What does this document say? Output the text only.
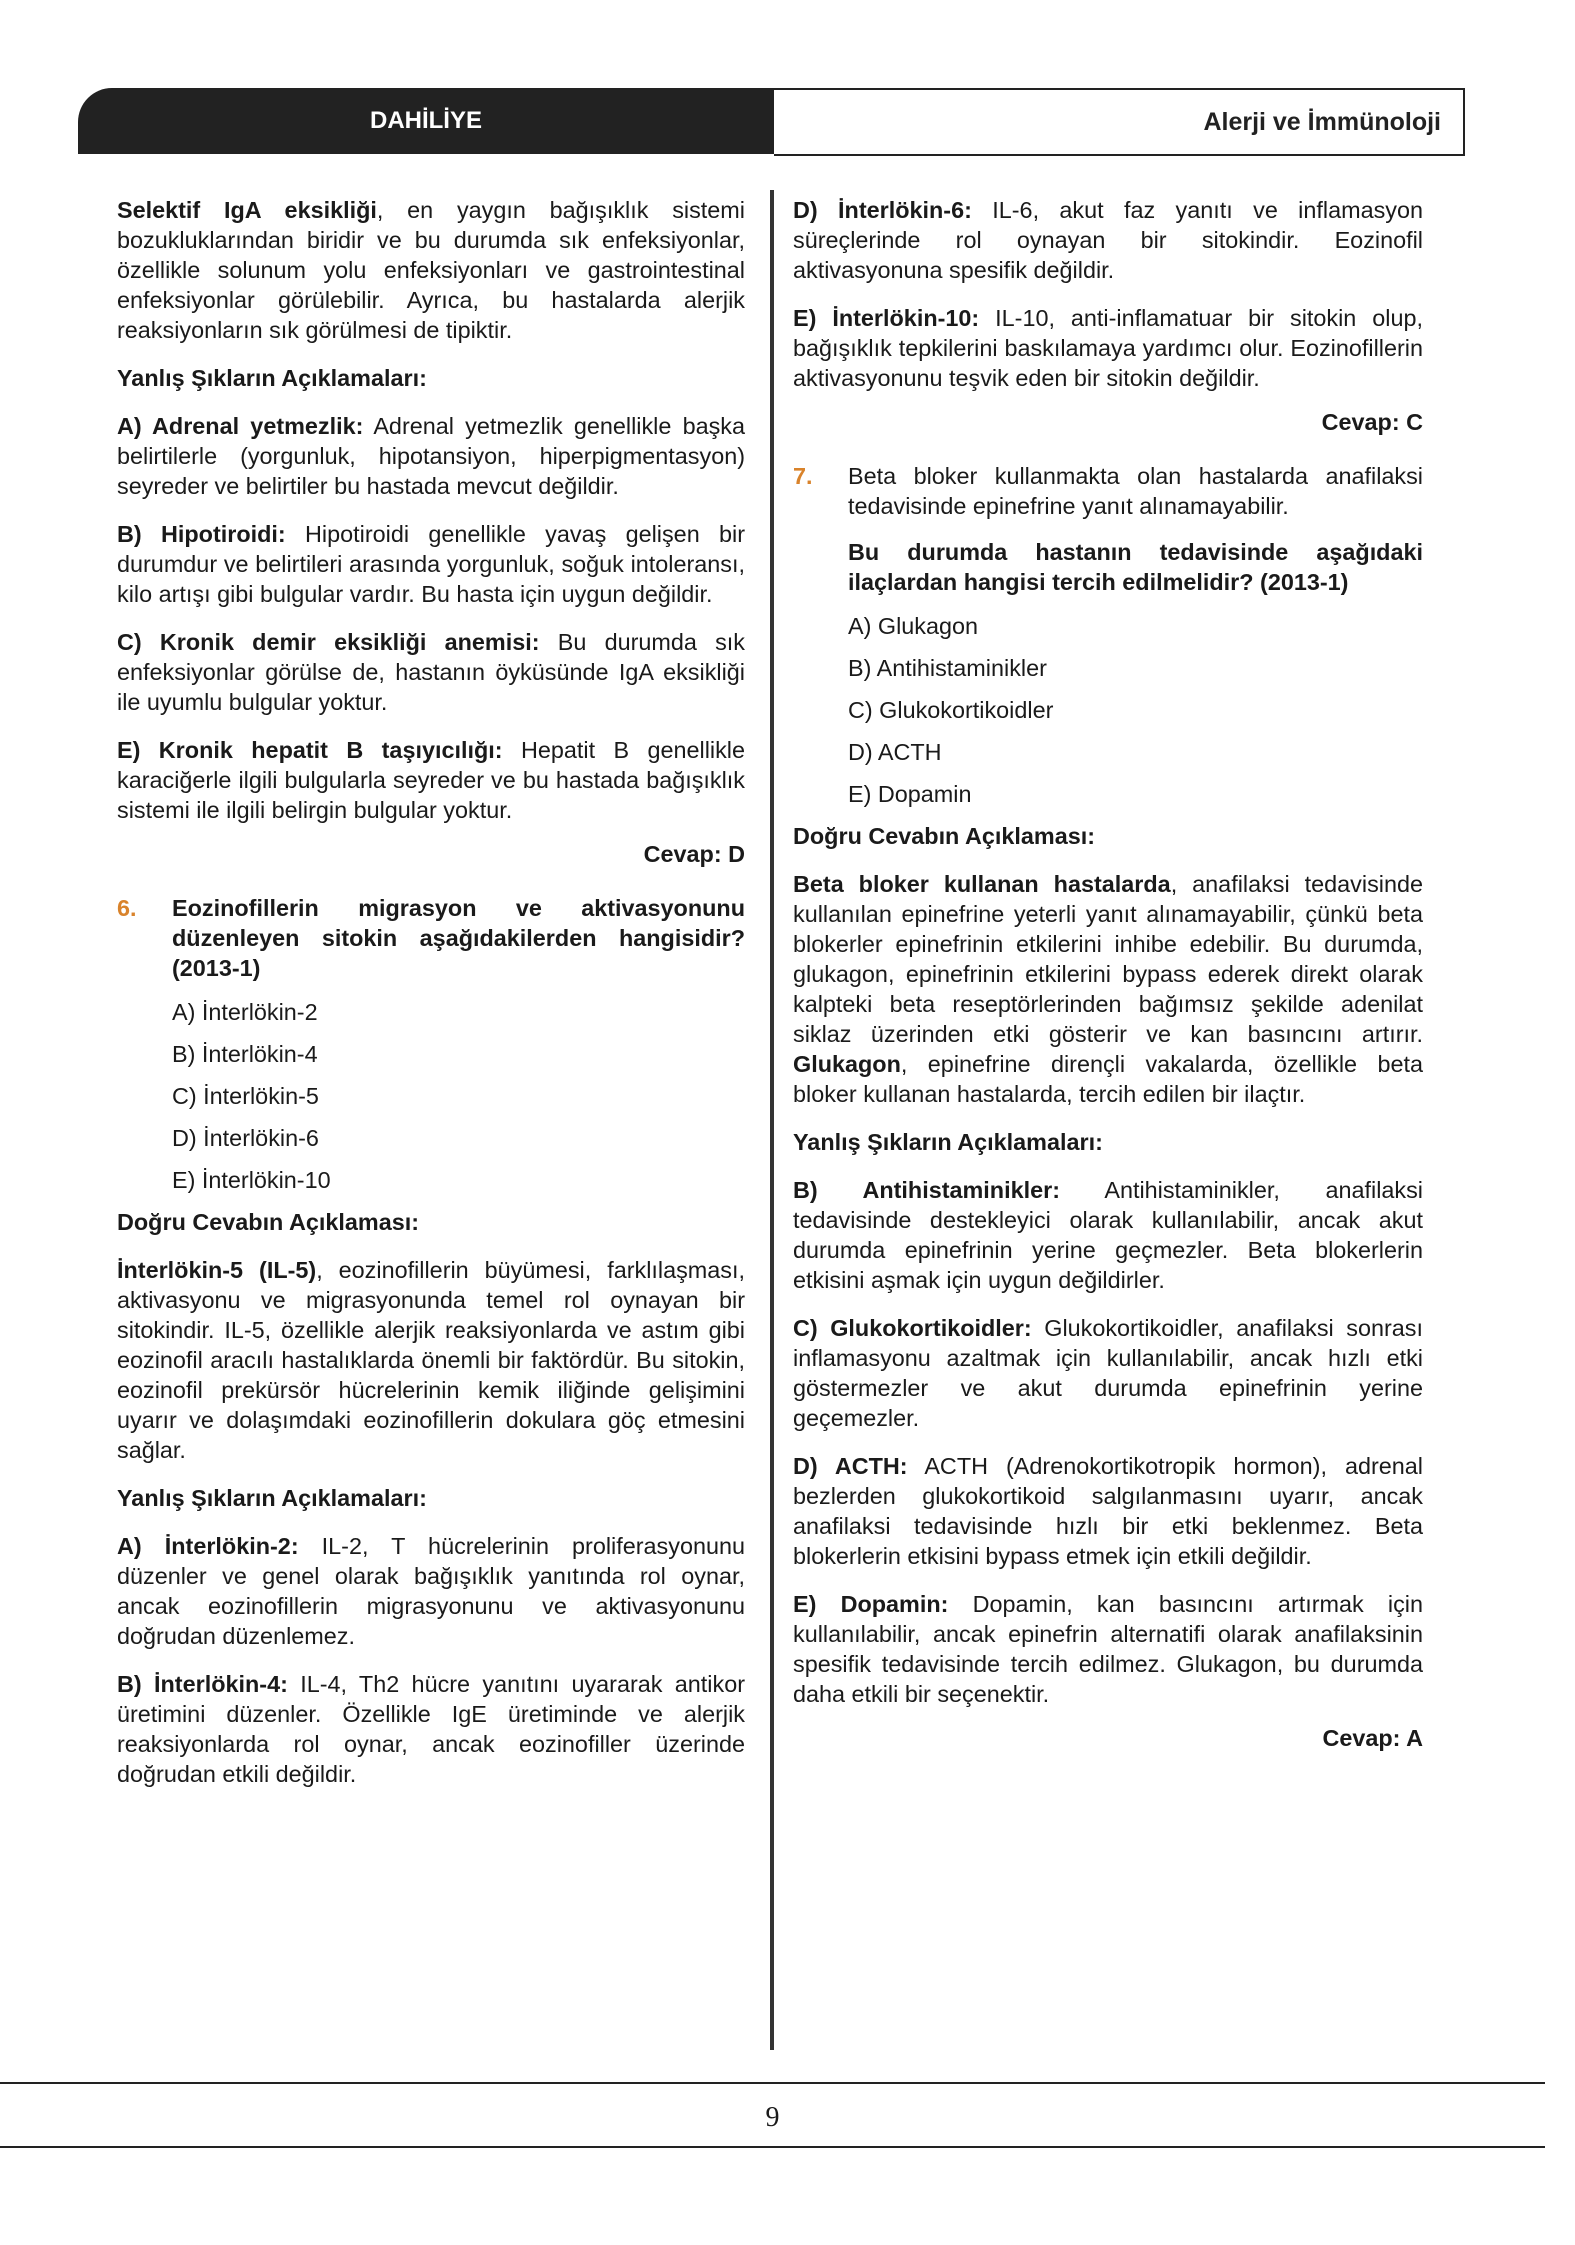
DAHİLİYE	Alerji ve İmmünoloji

Selektif IgA eksikliği, en yaygın bağışıklık sistemi bozukluklarından biridir ve bu durumda sık enfeksiyonlar, özellikle solunum yolu enfeksiyonları ve gastrointestinal enfeksiyonlar görülebilir. Ayrıca, bu hastalarda alerjik reaksiyonların sık görülmesi de tipiktir.

Yanlış Şıkların Açıklamaları:

A) Adrenal yetmezlik: Adrenal yetmezlik genellikle başka belirtilerle (yorgunluk, hipotansiyon, hiperpigmentasyon) seyreder ve belirtiler bu hastada mevcut değildir.

B) Hipotiroidi: Hipotiroidi genellikle yavaş gelişen bir durumdur ve belirtileri arasında yorgunluk, soğuk intoleransı, kilo artışı gibi bulgular vardır. Bu hasta için uygun değildir.

C) Kronik demir eksikliği anemisi: Bu durumda sık enfeksiyonlar görülse de, hastanın öyküsünde IgA eksikliği ile uyumlu bulgular yoktur.

E) Kronik hepatit B taşıyıcılığı: Hepatit B genellikle karaciğerle ilgili bulgularla seyreder ve bu hastada bağışıklık sistemi ile ilgili belirgin bulgular yoktur.

Cevap: D
6.	Eozinofillerin migrasyon ve aktivasyonunu düzenleyen sitokin aşağıdakilerden hangisidir? (2013-1)
A) İnterlökin-2
B) İnterlökin-4
C) İnterlökin-5
D) İnterlökin-6
E) İnterlökin-10
Doğru Cevabın Açıklaması:

İnterlökin-5 (IL-5), eozinofillerin büyümesi, farklılaşması, aktivasyonu ve migrasyonunda temel rol oynayan bir sitokindir. IL-5, özellikle alerjik reaksiyonlarda ve astım gibi eozinofil aracılı hastalıklarda önemli bir faktördür. Bu sitokin, eozinofil prekürsör hücrelerinin kemik iliğinde gelişimini uyarır ve dolaşımdaki eozinofillerin dokulara göç etmesini sağlar.

Yanlış Şıkların Açıklamaları:

A) İnterlökin-2: IL-2, T hücrelerinin proliferasyonunu düzenler ve genel olarak bağışıklık yanıtında rol oynar, ancak eozinofillerin migrasyonunu ve aktivasyonunu doğrudan düzenlemez.

B) İnterlökin-4: IL-4, Th2 hücre yanıtını uyararak antikor üretimini düzenler. Özellikle IgE üretiminde ve alerjik reaksiyonlarda rol oynar, ancak eozinofiller üzerinde doğrudan etkili değildir.

D) İnterlökin-6: IL-6, akut faz yanıtı ve inflamasyon süreçlerinde rol oynayan bir sitokindir. Eozinofil aktivasyonuna spesifik değildir.

E) İnterlökin-10: IL-10, anti-inflamatuar bir sitokin olup, bağışıklık tepkilerini baskılamaya yardımcı olur. Eozinofillerin aktivasyonunu teşvik eden bir sitokin değildir.

Cevap: C
7.	Beta bloker kullanmakta olan hastalarda anafilaksi tedavisinde epinefrine yanıt alınamayabilir.
Bu durumda hastanın tedavisinde aşağıdaki ilaçlardan hangisi tercih edilmelidir? (2013-1)
A) Glukagon
B) Antihistaminikler
C) Glukokortikoidler
D) ACTH
E) Dopamin
Doğru Cevabın Açıklaması:

Beta bloker kullanan hastalarda, anafilaksi tedavisinde kullanılan epinefrine yeterli yanıt alınamayabilir, çünkü beta blokerler epinefrinin etkilerini inhibe edebilir. Bu durumda, glukagon, epinefrinin etkilerini bypass ederek direkt olarak kalpteki beta reseptörlerinden bağımsız şekilde adenilat siklaz üzerinden etki gösterir ve kan basıncını artırır. Glukagon, epinefrine dirençli vakalarda, özellikle beta bloker kullanan hastalarda, tercih edilen bir ilaçtır.

Yanlış Şıkların Açıklamaları:

B) Antihistaminikler: Antihistaminikler, anafilaksi tedavisinde destekleyici olarak kullanılabilir, ancak akut durumda epinefrinin yerine geçmezler. Beta blokerlerin etkisini aşmak için uygun değildirler.

C) Glukokortikoidler: Glukokortikoidler, anafilaksi sonrası inflamasyonu azaltmak için kullanılabilir, ancak hızlı etki göstermezler ve akut durumda epinefrinin yerine geçemezler.

D) ACTH: ACTH (Adrenokortikotropik hormon), adrenal bezlerden glukokortikoid salgılanmasını uyarır, ancak anafilaksi tedavisinde hızlı bir etki beklenmez. Beta blokerlerin etkisini bypass etmek için etkili değildir.

E) Dopamin: Dopamin, kan basıncını artırmak için kullanılabilir, ancak epinefrin alternatifi olarak anafilaksinin spesifik tedavisinde tercih edilmez. Glukagon, bu durumda daha etkili bir seçenektir.

Cevap: A
9
